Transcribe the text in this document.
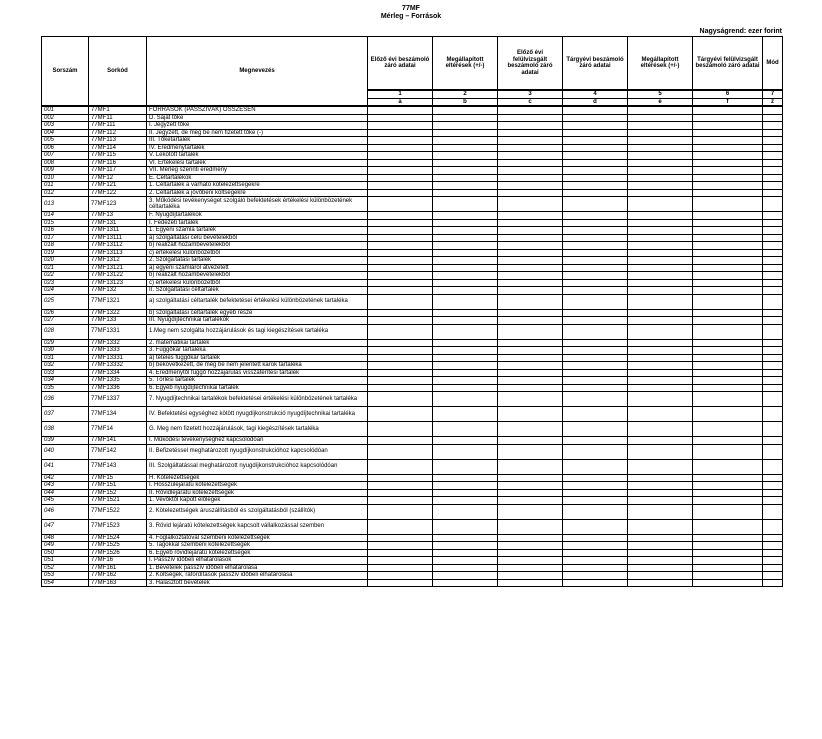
77MF
Mérleg – Források
Nagyságrend: ezer forint
Sorszám	Sorkód	Megnevezés	Előző évi beszámoló záró adatai	Megállapított eltérések (+/-)	Előző évi felülvizsgált beszámoló záró adatai	Tárgyévi beszámoló záró adatai	Megállapított eltérések (+/-)	Tárgyévi felülvizsgált beszámoló záró adatai	Mód
			1	2	3	4	5	6	7
			a	b	c	d	e	f	z
001	77MF1	FORRÁSOK (PASSZÍVÁK) ÖSSZESEN							
002	77MF11	D. Saját tőke							
003	77MF111	I. Jegyzett tőke							
004	77MF112	II. Jegyzett, de még be nem fizetett tőke (-)							
005	77MF113	III. Tőketartalék							
006	77MF114	IV. Eredménytartalék							
007	77MF115	V. Lekötött tartalék							
008	77MF116	VI. Értékelési tartalék							
009	77MF117	VII. Mérleg szerinti eredmény							
010	77MF12	E. Céltartalékok							
011	77MF121	1. Céltartalék a várható kötelezettségekre							
012	77MF122	2. Céltartalék a jövőbeni költségekre							
013	77MF123	3. Működési tevékenységet szolgáló befektetések értékelési különbözetének céltartaléka							
014	77MF13	F. Nyugdíjtartalékok							
015	77MF131	I. Fedezeti tartalék							
016	77MF1311	1. Egyéni számla tartalék							
017	77MF13111	a) szolgáltatási célú bevételekből							
018	77MF13112	b) realizált hozambevételekből							
019	77MF13113	c) értékelési különbözetből							
020	77MF1312	2. Szolgáltatási tartalék							
021	77MF13121	a) egyéni számláról átvezetett							
022	77MF13122	b) realizált hozambevételekből							
023	77MF13123	c) értékelési különbözetből							
024	77MF132	II. Szolgáltatási céltartalék							
025	77MF1321	a) szolgáltatási céltartalék befektetései értékelési különbözetének tartaléka							
026	77MF1322	b) szolgáltatási céltartalék egyéb része							
027	77MF133	III. Nyugdíjtechnikai tartalékok							
028	77MF1331	1.Meg nem szolgálta hozzájárulások és tagi kiegészítések tartaléka							
029	77MF1332	2. matematikai tartalék							
030	77MF1333	3. Függőkár tartaléka							
031	77MF13331	a) tételes függőkár tartalék							
032	77MF13332	b) bekövetkezett, de még be nem jelentett károk tartaléka							
033	77MF1334	4. Eredménytől függő hozzájárulás visszatérítési tartalék							
034	77MF1335	5. Törlési tartalék							
035	77MF1336	6. Egyéb nyugdíjtechnikai tartalék							
036	77MF1337	7. Nyugdíjtechnikai tartalékok befektetései értékelési különbözetének tartaléka							
037	77MF134	IV. Befektetési egységhez kötött nyugdíjkonstrukció nyugdíjtechnikai tartaléka							
038	77MF14	G. Meg nem fizetett hozzájárulások, tagi kiegészítések tartaléka							
039	77MF141	I. Működési tevékenységhez kapcsolódóan							
040	77MF142	II. Befizetéssel meghatározott nyugdíjkonstrukcióhoz kapcsolódóan							
041	77MF143	III. Szolgáltatással meghatározott nyugdíjkonstrukcióhoz kapcsolódóan							
042	77MF15	H. Kötelezettségek							
043	77MF151	I. Hosszúlejáratú kötelezettségek							
044	77MF152	II. Rövidlejáratú kötelezettségek							
045	77MF1521	1. Vevőktől kapott előlegek							
046	77MF1522	2. Kötelezettségek áruszállításból és szolgáltatásból (szállítók)							
047	77MF1523	3. Rövid lejáratú kötelezettségek kapcsolt vállalkozással szemben							
048	77MF1524	4. Foglalkoztatóval szembeni kötelezettségek							
049	77MF1525	5. Tagokkal szembeni kötelezettségek							
050	77MF1526	6. Egyéb rövidlejáratú kötelezettségek							
051	77MF16	I. Passzív időbeli elhatárolások							
052	77MF161	1. Bevételek passzív időbeli elhatárolása							
053	77MF162	2. Költségek, ráfordítások passzív időbeli elhatárolása							
054	77MF163	3. Halasztott bevételek							
